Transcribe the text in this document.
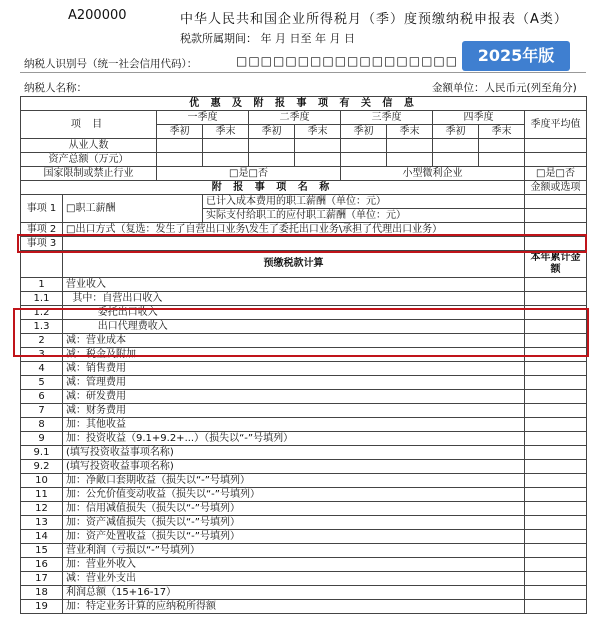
A200000	中华人民共和国企业所得税月（季）度预缴纳税申报表（A类）
税款所属期间： 年 月 日至 年 月 日
纳税人识别号（统一社会信用代码）：	□□□□□□□□□□□□□□□□□□	2025年版
纳税人名称：	金额单位：人民币元(列至角分)
优 惠 及 附 报 事 项 有 关 信 息										
项 目		一季度		二季度		三季度		四季度		季度平均值
		季初	季末	季初	季末	季初	季末	季初	季末	
从业人数										
资产总额（万元）										
国家限制或禁止行业		□是□否				小型微利企业				□是□否
附 报 事 项 名 称										金额或选项
事项 1	□职工薪酬		已计入成本费用的职工薪酬（单位：元）							
			实际支付给职工的应付职工薪酬（单位：元）							
事项 2	□出口方式（复选：发生了自营出口业务\发生了委托出口业务\承担了代理出口业务）									
事项 3										
	预缴税款计算									本年累计金额
1	营业收入									
1.1	其中：自营出口收入									
1.2	委托出口收入									
1.3	出口代理费收入									
2	减：营业成本									
3	减：税金及附加									
4	减：销售费用									
5	减：管理费用									
6	减：研发费用									
7	减：财务费用									
8	加：其他收益									
9	加：投资收益（9.1+9.2+...）（损失以“-”号填列）									
9.1	(填写投资收益事项名称)									
9.2	(填写投资收益事项名称)									
10	加：净敞口套期收益（损失以“-”号填列）									
11	加：公允价值变动收益（损失以“-”号填列）									
12	加：信用减值损失（损失以“-”号填列）									
13	加：资产减值损失（损失以“-”号填列）									
14	加：资产处置收益（损失以“-”号填列）									
15	营业利润（亏损以“-”号填列）									
16	加：营业外收入									
17	减：营业外支出									
18	利润总额（15+16-17）									
19	加：特定业务计算的应纳税所得额									
